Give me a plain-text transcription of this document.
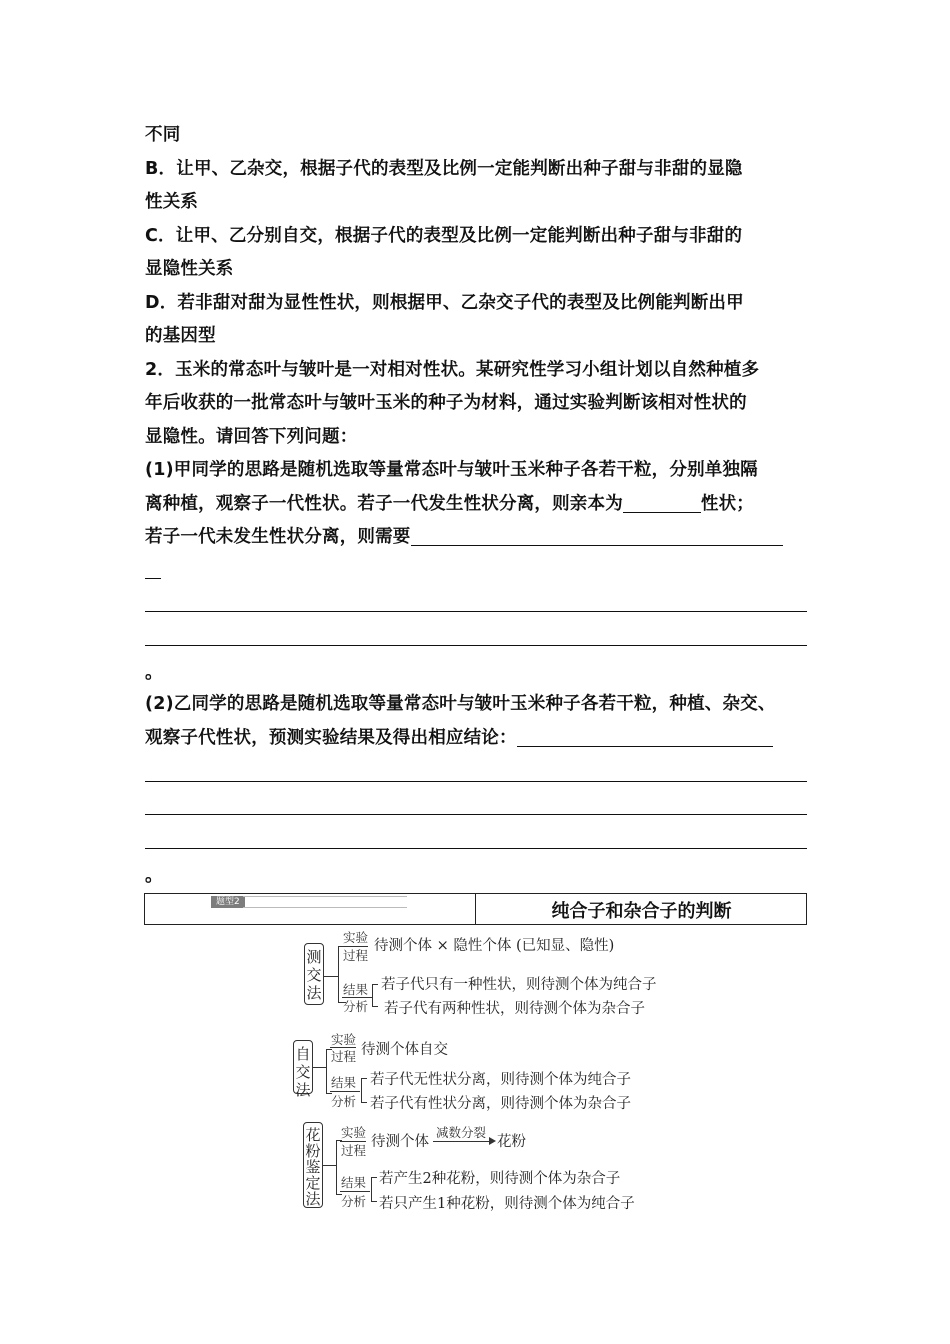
不同
B．让甲、乙杂交，根据子代的表型及比例一定能判断出种子甜与非甜的显隐
性关系
C．让甲、乙分别自交，根据子代的表型及比例一定能判断出种子甜与非甜的
显隐性关系
D．若非甜对甜为显性性状，则根据甲、乙杂交子代的表型及比例能判断出甲
的基因型
2．玉米的常态叶与皱叶是一对相对性状。某研究性学习小组计划以自然种植多
年后收获的一批常态叶与皱叶玉米的种子为材料，通过实验判断该相对性状的
显隐性。请回答下列问题：
(1)甲同学的思路是随机选取等量常态叶与皱叶玉米种子各若干粒，分别单独隔
离种植，观察子一代性状。若子一代发生性状分离，则亲本为	性状；
若子一代未发生性状分离，则需要
。
(2)乙同学的思路是随机选取等量常态叶与皱叶玉米种子各若干粒，种植、杂交、
观察子代性状，预测实验结果及得出相应结论：
。
题型2	纯合子和杂合子的判断
测
交
法
实验
过程
待测个体 × 隐性个体 (已知显、隐性)
结果
分析
若子代只有一种性状，则待测个体为纯合子
若子代有两种性状，则待测个体为杂合子
自
交
法
实验
过程 待测个体自交
结果
分析
若子代无性状分离，则待测个体为纯合子
若子代有性状分离，则待测个体为杂合子
花
粉
鉴
定
法
实验
过程
待测个体
减数分裂
花粉
结果
分析
若产生2种花粉，则待测个体为杂合子
若只产生1种花粉，则待测个体为纯合子
